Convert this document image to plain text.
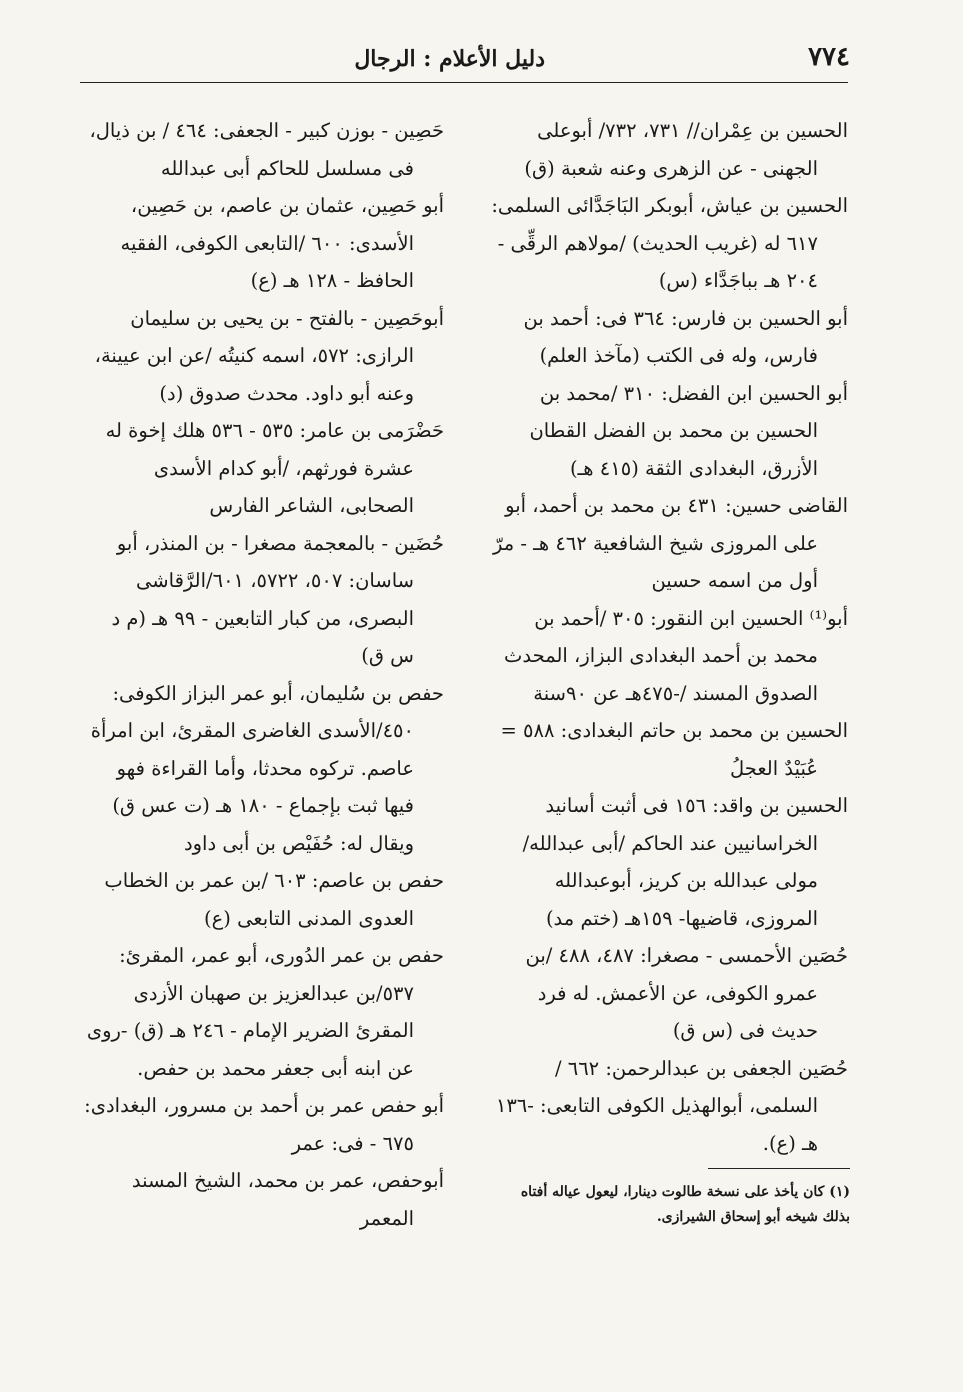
٧٧٤
دليل الأعلام : الرجال

الحسين بن عِمْران// ٧٣١، ٧٣٢/ أبوعلى الجهنى - عن الزهرى وعنه شعبة (ق)

الحسين بن عياش، أبوبكر البَاجَدَّائى السلمى: ٦١٧ له (غريب الحديث) /مولاهم الرقِّى - ٢٠٤ هـ بباجَدَّاء (س)

أبو الحسين بن فارس: ٣٦٤ فى: أحمد بن فارس، وله فى الكتب (مآخذ العلم)

أبو الحسين ابن الفضل: ٣١٠ /محمد بن الحسين بن محمد بن الفضل القطان الأزرق، البغدادى الثقة (٤١٥ هـ)

القاضى حسين: ٤٣١ بن محمد بن أحمد، أبو على المروزى شيخ الشافعية ٤٦٢ هـ - مرّ أول من اسمه حسين

أبو⁽¹⁾ الحسين ابن النقور: ٣٠٥ /أحمد بن محمد بن أحمد البغدادى البزاز، المحدث الصدوق المسند /-٤٧٥هـ عن ٩٠سنة

الحسين بن محمد بن حاتم البغدادى: ٥٨٨ = عُبَيْدٌ العجلُ

الحسين بن واقد: ١٥٦ فى أثبت أسانيد الخراسانيين عند الحاكم /أبى عبدالله/ مولى عبدالله بن كريز، أبوعبدالله المروزى، قاضيها- ١٥٩هـ (ختم مد)

حُصَين الأحمسى - مصغرا: ٤٨٧، ٤٨٨ /بن عمرو الكوفى، عن الأعمش. له فرد حديث فى (س ق)

حُصَين الجعفى بن عبدالرحمن: ٦٦٢ /السلمى، أبوالهذيل الكوفى التابعى: -١٣٦ هـ (ع).

حَصِين - بوزن كبير - الجعفى: ٤٦٤ / بن ذيال، فى مسلسل للحاكم أبى عبدالله

أبو حَصِين، عثمان بن عاصم، بن حَصِين، الأسدى: ٦٠٠ /التابعى الكوفى، الفقيه الحافظ - ١٢٨ هـ (ع)

أبوحَصِين - بالفتح - بن يحيى بن سليمان الرازى: ٥٧٢، اسمه كنيتُه /عن ابن عيينة، وعنه أبو داود. محدث صدوق (د)

حَضْرَمى بن عامر: ٥٣٥ - ٥٣٦ هلك إخوة له عشرة فورثهم، /أبو كدام الأسدى الصحابى، الشاعر الفارس

حُضَين - بالمعجمة مصغرا - بن المنذر، أبو ساسان: ٥٠٧، ٥٧٢٢، ٦٠١/الرَّقاشى البصرى، من كبار التابعين - ٩٩ هـ (م د س ق)

حفص بن سُليمان، أبو عمر البزاز الكوفى: ٤٥٠/الأسدى الغاضرى المقرئ، ابن امرأة عاصم. تركوه محدثا، وأما القراءة فهو فيها ثبت بإجماع - ١٨٠ هـ (ت عس ق) ويقال له: حُفَيْص بن أبى داود

حفص بن عاصم: ٦٠٣ /بن عمر بن الخطاب العدوى المدنى التابعى (ع)

حفص بن عمر الدُورى، أبو عمر، المقرئ: ٥٣٧/بن عبدالعزيز بن صهبان الأزدى المقرئ الضرير الإمام - ٢٤٦ هـ (ق) -روى عن ابنه أبى جعفر محمد بن حفص.

أبو حفص عمر بن أحمد بن مسرور، البغدادى: ٦٧٥ - فى: عمر

أبوحفص، عمر بن محمد، الشيخ المسند المعمر

(١) كان يأخذ على نسخة طالوت دينارا، ليعول عياله أفتاه بذلك شيخه أبو إسحاق الشيرازى.
